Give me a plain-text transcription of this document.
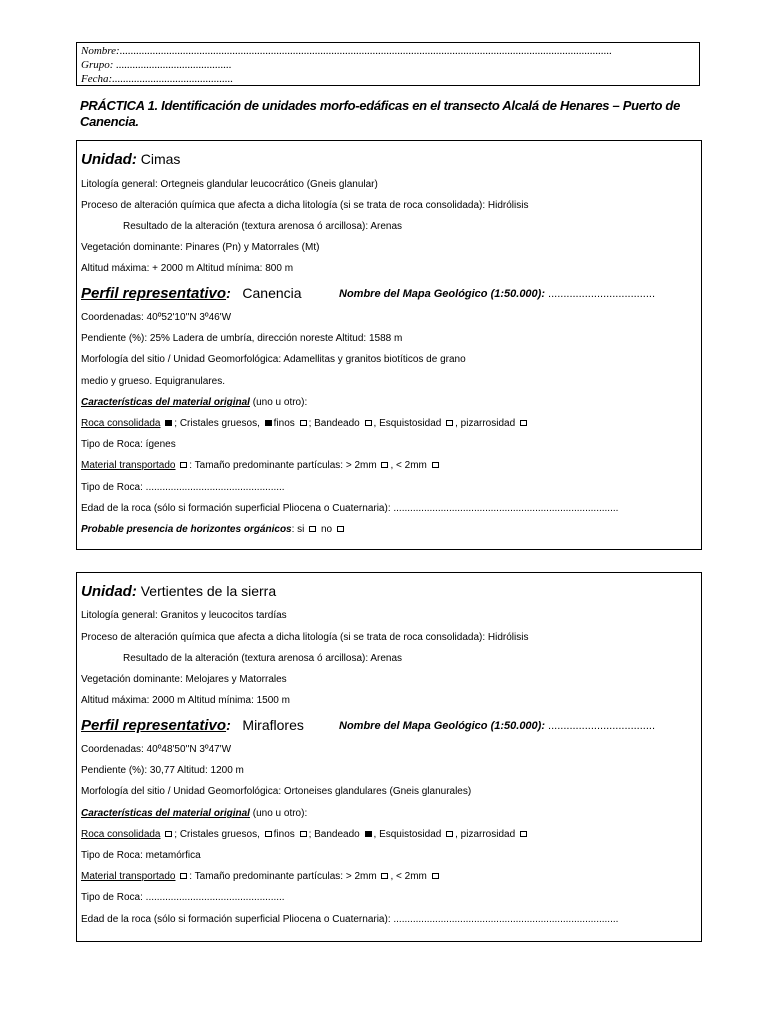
Nombre:...................................................................................................................................................................................
Grupo: ..........................................
Fecha:............................................
PRÁCTICA 1. Identificación de unidades morfo-edáficas en el transecto Alcalá de Henares – Puerto de Canencia.
Unidad: Cimas
Litología general: Ortegneis glandular leucocrático (Gneis glanular)
Proceso de alteración química que afecta a dicha litología (si se trata de roca consolidada): Hidrólisis
Resultado de la alteración (textura arenosa ó arcillosa): Arenas
Vegetación dominante: Pinares (Pn) y Matorrales (Mt)
Altitud máxima: + 2000 m Altitud mínima: 800 m
Perfil representativo: Canencia	Nombre del Mapa Geológico (1:50.000): ...................................
Coordenadas: 40º52'10''N 3º46'W
Pendiente (%): 25% Ladera de umbría, dirección noreste Altitud: 1588 m
Morfología del sitio / Unidad Geomorfológica: Adamellitas y granitos biotíticos de grano
medio y grueso. Equigranulares.
Características del material original (uno u otro):
Roca consolidada ; Cristales gruesos, finos ; Bandeado , Esquistosidad , pizarrosidad
Tipo de Roca: ígenes
Material transportado : Tamaño predominante partículas: > 2mm , < 2mm
Tipo de Roca: ..................................................
Edad de la roca (sólo si formación superficial Pliocena o Cuaternaria): .................................................................................
Probable presencia de horizontes orgánicos: si no
Unidad: Vertientes de la sierra
Litología general: Granitos y leucocitos tardías
Proceso de alteración química que afecta a dicha litología (si se trata de roca consolidada): Hidrólisis
Resultado de la alteración (textura arenosa ó arcillosa): Arenas
Vegetación dominante: Melojares y Matorrales
Altitud máxima: 2000 m Altitud mínima: 1500 m
Perfil representativo: Miraflores	Nombre del Mapa Geológico (1:50.000): ...................................
Coordenadas: 40º48'50''N 3º47'W
Pendiente (%): 30,77 Altitud: 1200 m
Morfología del sitio / Unidad Geomorfológica: Ortoneises glandulares (Gneis glanurales)
Características del material original (uno u otro):
Roca consolidada ; Cristales gruesos, finos ; Bandeado , Esquistosidad , pizarrosidad
Tipo de Roca: metamórfica
Material transportado : Tamaño predominante partículas: > 2mm , < 2mm
Tipo de Roca: ..................................................
Edad de la roca (sólo si formación superficial Pliocena o Cuaternaria): .................................................................................
